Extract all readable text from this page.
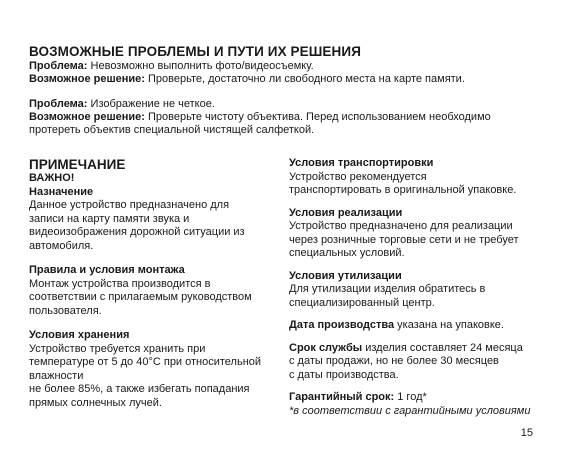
ВОЗМОЖНЫЕ ПРОБЛЕМЫ И ПУТИ ИХ РЕШЕНИЯ
Проблема: Невозможно выполнить фото/видеосъемку.
Возможное решение: Проверьте, достаточно ли свободного места на карте памяти.
Проблема: Изображение не четкое.
Возможное решение: Проверьте чистоту объектива. Перед использованием необходимо
протереть объектив специальной чистящей салфеткой.
ПРИМЕЧАНИЕ

ВАЖНО!

Назначение

Данное устройство предназначено для

записи на карту памяти звука и

видеоизображения дорожной ситуации из

автомобиля.

Правила и условия монтажа

Монтаж устройства производится в

соответствии с прилагаемым руководством

пользователя.

Условия хранения

Устройство требуется хранить при

температуре от 5 до 40°С при относительной

влажности

не более 85%, а также избегать попадания

прямых солнечных лучей.

Условия транспортировки

Устройство рекомендуется

транспортировать в оригинальной упаковке.

Условия реализации

Устройство предназначено для реализации

через розничные торговые сети и не требует

специальных условий.

Условия утилизации

Для утилизации изделия обратитесь в

специализированный центр.

Дата производства указана на упаковке.

Срок службы изделия составляет 24 месяца

с даты продажи, но не более 30 месяцев

с даты производства.

Гарантийный срок: 1 год*

*в соответствии с гарантийными условиями

15
